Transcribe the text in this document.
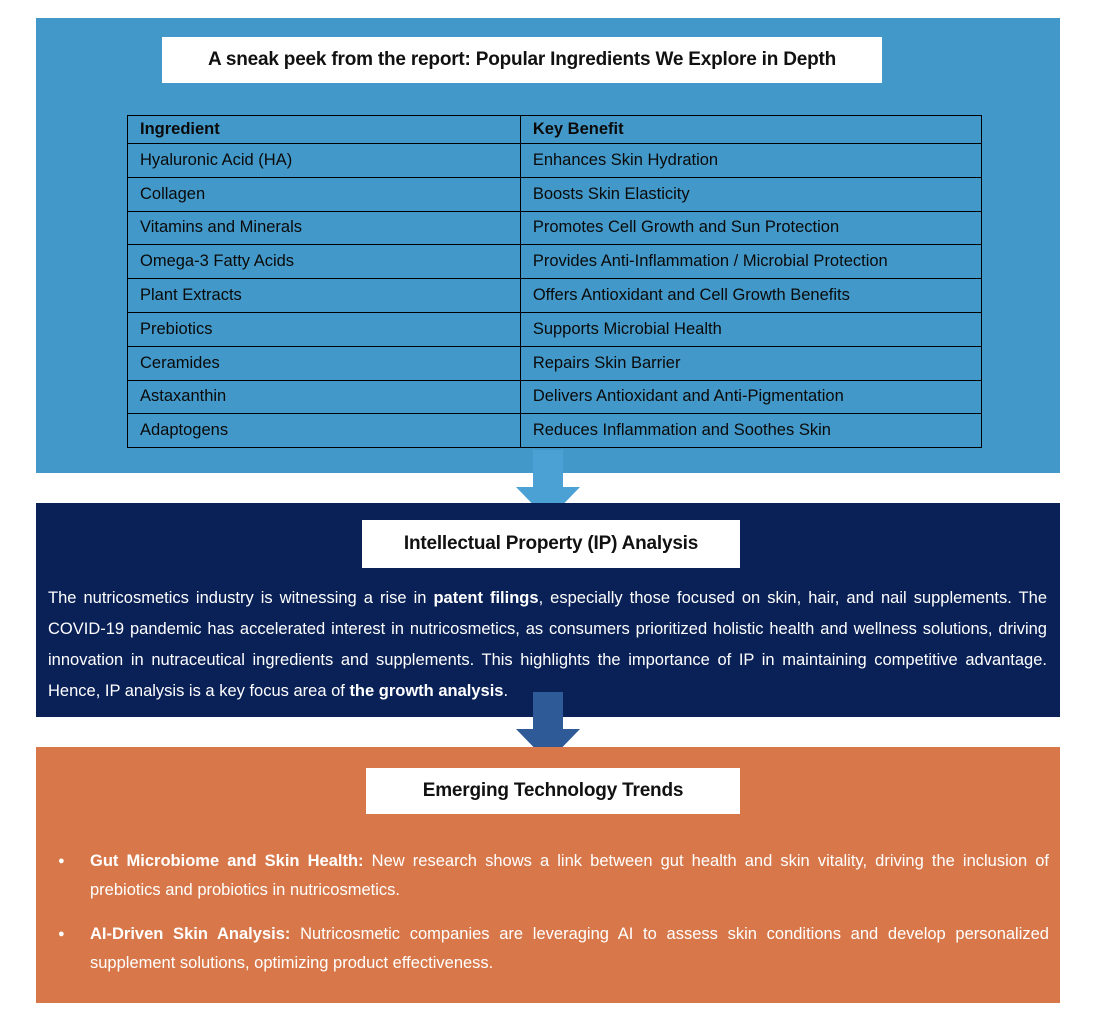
A sneak peek from the report: Popular Ingredients We Explore in Depth
Ingredient	Key Benefit
Hyaluronic Acid (HA)	Enhances Skin Hydration
Collagen	Boosts Skin Elasticity
Vitamins and Minerals	Promotes Cell Growth and Sun Protection
Omega-3 Fatty Acids	Provides Anti-Inflammation / Microbial Protection
Plant Extracts	Offers Antioxidant and Cell Growth Benefits
Prebiotics	Supports Microbial Health
Ceramides	Repairs Skin Barrier
Astaxanthin	Delivers Antioxidant and Anti-Pigmentation
Adaptogens	Reduces Inflammation and Soothes Skin
Intellectual Property (IP) Analysis

The nutricosmetics industry is witnessing a rise in patent filings, especially those focused on skin, hair, and nail supplements. The COVID-19 pandemic has accelerated interest in nutricosmetics, as consumers prioritized holistic health and wellness solutions, driving innovation in nutraceutical ingredients and supplements. This highlights the importance of IP in maintaining competitive advantage. Hence, IP analysis is a key focus area of the growth analysis.

Emerging Technology Trends
●	Gut Microbiome and Skin Health: New research shows a link between gut health and skin vitality, driving the inclusion of prebiotics and probiotics in nutricosmetics.
●	AI-Driven Skin Analysis: Nutricosmetic companies are leveraging AI to assess skin conditions and develop personalized supplement solutions, optimizing product effectiveness.
